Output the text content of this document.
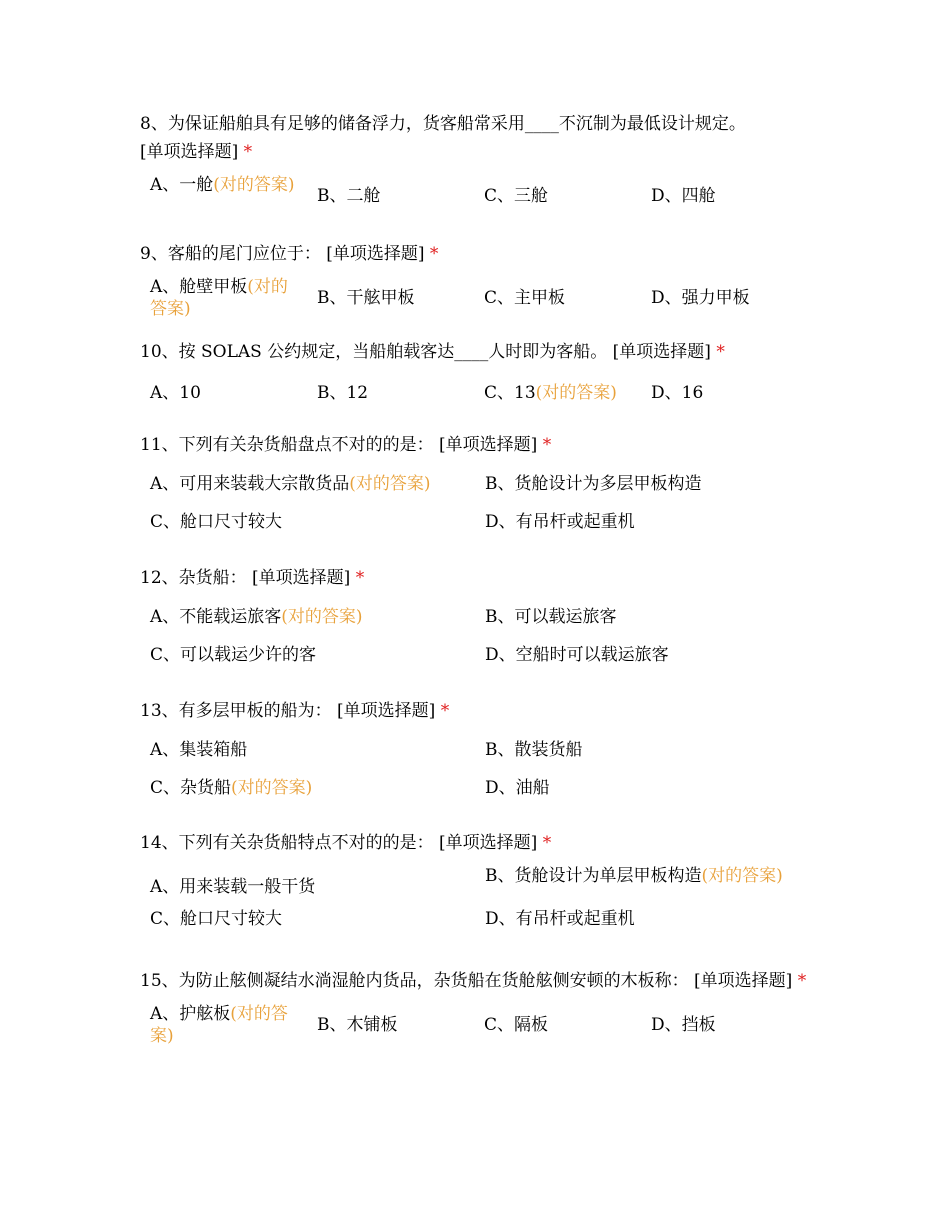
8、为保证船舶具有足够的储备浮力，货客船常采用____不沉制为最低设计规定。
[单项选择题] *

A、一舱(对的答案)
B、二舱	C、三舱	D、四舱

9、客船的尾门应位于： [单项选择题] *

A、舱壁甲板(对的答案)
B、干舷甲板	C、主甲板	D、强力甲板

10、按 SOLAS 公约规定，当船舶载客达____人时即为客船。 [单项选择题] *

A、10	B、12	C、13(对的答案)	D、16

11、下列有关杂货船盘点不对的的是： [单项选择题] *

A、可用来装载大宗散货品(对的答案)	B、货舱设计为多层甲板构造
C、舱口尺寸较大	D、有吊杆或起重机

12、杂货船： [单项选择题] *

A、不能载运旅客(对的答案)	B、可以载运旅客
C、可以载运少许的客	D、空船时可以载运旅客

13、有多层甲板的船为： [单项选择题] *

A、集装箱船	B、散装货船
C、杂货船(对的答案)	D、油船

14、下列有关杂货船特点不对的的是： [单项选择题] *

A、用来装载一般干货
B、货舱设计为单层甲板构造(对的答案)
C、舱口尺寸较大	D、有吊杆或起重机

15、为防止舷侧凝结水淌湿舱内货品，杂货船在货舱舷侧安顿的木板称： [单项选择题] *

A、护舷板(对的答案)
B、木铺板	C、隔板	D、挡板
